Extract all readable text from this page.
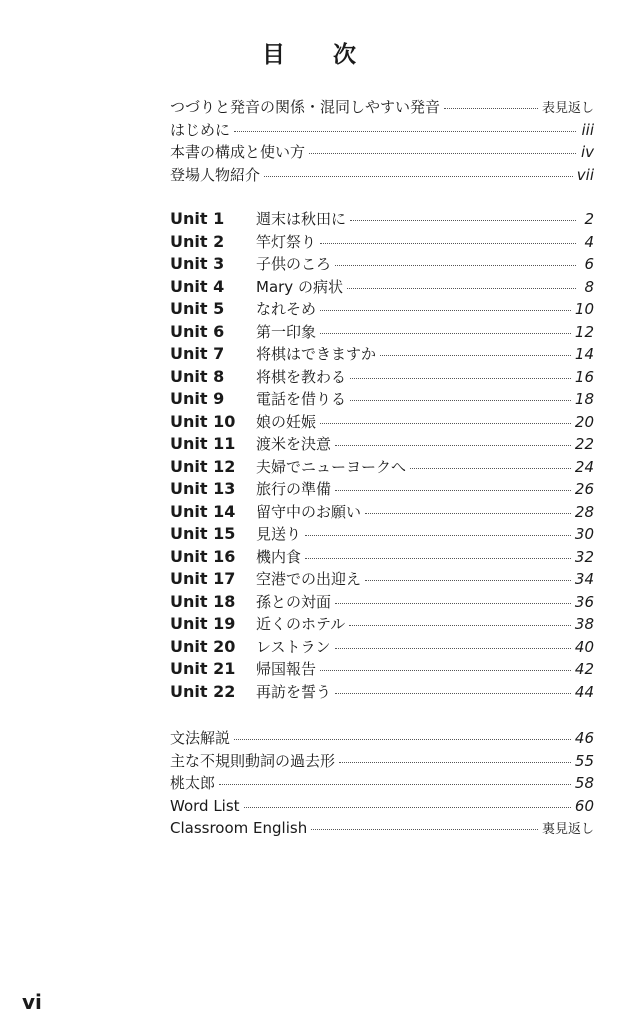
目 次
つづりと発音の関係・混同しやすい発音	表見返し
はじめに	iii
本書の構成と使い方	iv
登場人物紹介	vii
Unit 1	週末は秋田に	2
Unit 2	竿灯祭り	4
Unit 3	子供のころ	6
Unit 4	Mary の病状	8
Unit 5	なれそめ	10
Unit 6	第一印象	12
Unit 7	将棋はできますか	14
Unit 8	将棋を教わる	16
Unit 9	電話を借りる	18
Unit 10	娘の妊娠	20
Unit 11	渡米を決意	22
Unit 12	夫婦でニューヨークへ	24
Unit 13	旅行の準備	26
Unit 14	留守中のお願い	28
Unit 15	見送り	30
Unit 16	機内食	32
Unit 17	空港での出迎え	34
Unit 18	孫との対面	36
Unit 19	近くのホテル	38
Unit 20	レストラン	40
Unit 21	帰国報告	42
Unit 22	再訪を誓う	44
文法解説	46
主な不規則動詞の過去形	55
桃太郎	58
Word List	60
Classroom English	裏見返し
vi
